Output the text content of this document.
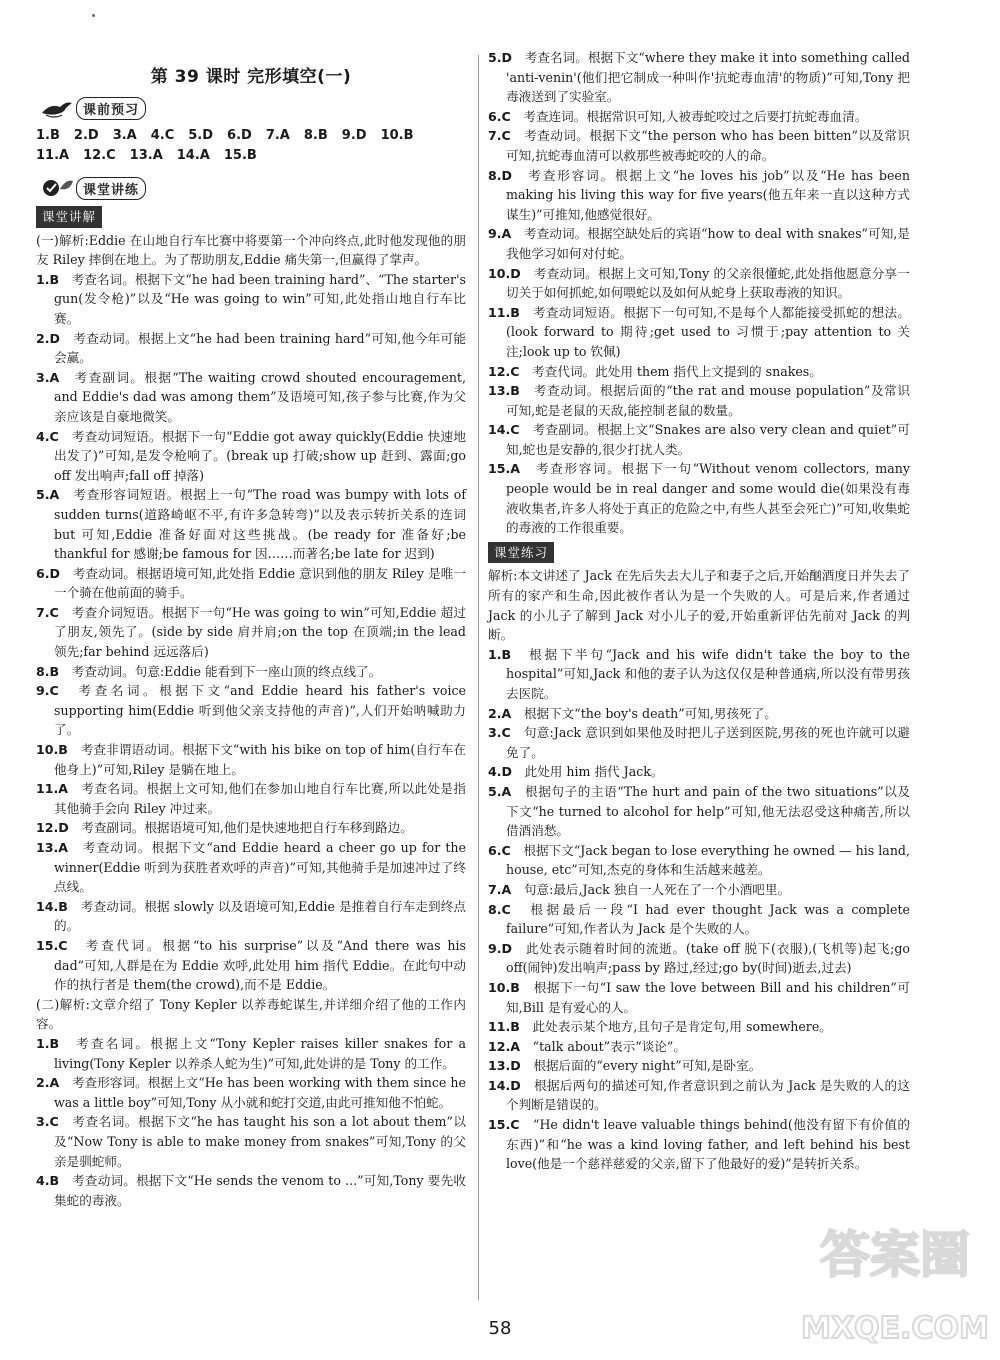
第 39 课时 完形填空(一)
课前预习
1.B 2.D 3.A 4.C 5.D 6.D 7.A 8.B 9.D 10.B
11.A 12.C 13.A 14.A 15.B
课堂讲练
课堂讲解

(一)解析:Eddie 在山地自行车比赛中将要第一个冲向终点,此时他发现他的朋友 Riley 摔倒在地上。为了帮助朋友,Eddie 痛失第一,但赢得了掌声。

1.B　考查名词。根据下文“he had been training hard”、“The starter's gun(发令枪)”以及“He was going to win”可知,此处指山地自行车比赛。

2.D　考查动词。根据上文“he had been training hard”可知,他今年可能会赢。

3.A　考查副词。根据“The waiting crowd shouted encouragement, and Eddie's dad was among them”及语境可知,孩子参与比赛,作为父亲应该是自豪地微笑。

4.C　考查动词短语。根据下一句“Eddie got away quickly(Eddie 快速地出发了)”可知,是发令枪响了。(break up 打破;show up 赶到、露面;go off 发出响声;fall off 掉落)

5.A　考查形容词短语。根据上一句“The road was bumpy with lots of sudden turns(道路崎岖不平,有许多急转弯)”以及表示转折关系的连词 but 可知,Eddie 准备好面对这些挑战。(be ready for 准备好;be thankful for 感谢;be famous for 因……而著名;be late for 迟到)

6.D　考查动词。根据语境可知,此处指 Eddie 意识到他的朋友 Riley 是唯一一个骑在他前面的骑手。

7.C　考查介词短语。根据下一句“He was going to win”可知,Eddie 超过了朋友,领先了。(side by side 肩并肩;on the top 在顶端;in the lead 领先;far behind 远远落后)

8.B　考查动词。句意:Eddie 能看到下一座山顶的终点线了。

9.C　考查名词。根据下文“and Eddie heard his father's voice supporting him(Eddie 听到他父亲支持他的声音)”,人们开始呐喊助力了。

10.B　考查非谓语动词。根据下文“with his bike on top of him(自行车在他身上)”可知,Riley 是躺在地上。

11.A　考查名词。根据上文可知,他们在参加山地自行车比赛,所以此处是指其他骑手会向 Riley 冲过来。

12.D　考查副词。根据语境可知,他们是快速地把自行车移到路边。

13.A　考查动词。根据下文“and Eddie heard a cheer go up for the winner(Eddie 听到为获胜者欢呼的声音)”可知,其他骑手是加速冲过了终点线。

14.B　考查动词。根据 slowly 以及语境可知,Eddie 是推着自行车走到终点的。

15.C　考查代词。根据“to his surprise”以及“And there was his dad”可知,人群是在为 Eddie 欢呼,此处用 him 指代 Eddie。在此句中动作的执行者是 them(the crowd),而不是 Eddie。

(二)解析:文章介绍了 Tony Kepler 以养毒蛇谋生,并详细介绍了他的工作内容。

1.B　考查名词。根据上文“Tony Kepler raises killer snakes for a living(Tony Kepler 以养杀人蛇为生)”可知,此处讲的是 Tony 的工作。

2.A　考查形容词。根据上文“He has been working with them since he was a little boy”可知,Tony 从小就和蛇打交道,由此可推知他不怕蛇。

3.C　考查名词。根据下文“he has taught his son a lot about them”以及“Now Tony is able to make money from snakes”可知,Tony 的父亲是驯蛇师。

4.B　考查动词。根据下文“He sends the venom to ...”可知,Tony 要先收集蛇的毒液。

5.D　考查名词。根据下文“where they make it into something called 'anti-venin'(他们把它制成一种叫作'抗蛇毒血清'的物质)”可知,Tony 把毒液送到了实验室。

6.C　考查连词。根据常识可知,人被毒蛇咬过之后要打抗蛇毒血清。

7.C　考查动词。根据下文“the person who has been bitten”以及常识可知,抗蛇毒血清可以救那些被毒蛇咬的人的命。

8.D　考查形容词。根据上文“he loves his job”以及“He has been making his living this way for five years(他五年来一直以这种方式谋生)”可推知,他感觉很好。

9.A　考查动词。根据空缺处后的宾语“how to deal with snakes”可知,是我他学习如何对付蛇。

10.D　考查动词。根据上文可知,Tony 的父亲很懂蛇,此处指他愿意分享一切关于如何抓蛇,如何喂蛇以及如何从蛇身上获取毒液的知识。

11.B　考查动词短语。根据下一句可知,不是每个人都能接受抓蛇的想法。(look forward to 期待;get used to 习惯于;pay attention to 关注;look up to 钦佩)

12.C　考查代词。此处用 them 指代上文提到的 snakes。

13.B　考查动词。根据后面的“the rat and mouse population”及常识可知,蛇是老鼠的天敌,能控制老鼠的数量。

14.C　考查副词。根据上文“Snakes are also very clean and quiet”可知,蛇也是安静的,很少打扰人类。

15.A　考查形容词。根据下一句“Without venom collectors, many people would be in real danger and some would die(如果没有毒液收集者,许多人将处于真正的危险之中,有些人甚至会死亡)”可知,收集蛇的毒液的工作很重要。

课堂练习

解析:本文讲述了 Jack 在先后失去大儿子和妻子之后,开始酗酒度日并失去了所有的家产和生命,因此被作者认为是一个失败的人。可是后来,作者通过 Jack 的小儿子了解到 Jack 对小儿子的爱,开始重新评估先前对 Jack 的判断。

1.B　根据下半句“Jack and his wife didn't take the boy to the hospital”可知,Jack 和他的妻子认为这仅仅是种普通病,所以没有带男孩去医院。

2.A　根据下文“the boy's death”可知,男孩死了。

3.C　句意:Jack 意识到如果他及时把儿子送到医院,男孩的死也许就可以避免了。

4.D　此处用 him 指代 Jack。

5.A　根据句子的主语“The hurt and pain of the two situations”以及下文“he turned to alcohol for help”可知,他无法忍受这种痛苦,所以借酒消愁。

6.C　根据下文“Jack began to lose everything he owned — his land, house, etc”可知,杰克的身体和生活越来越差。

7.A　句意:最后,Jack 独自一人死在了一个小酒吧里。

8.C　根据最后一段“I had ever thought Jack was a complete failure”可知,作者认为 Jack 是个失败的人。

9.D　此处表示随着时间的流逝。(take off 脱下(衣服),(飞机等)起飞;go off(闹钟)发出响声;pass by 路过,经过;go by(时间)逝去,过去)

10.B　根据下一句“I saw the love between Bill and his children”可知,Bill 是有爱心的人。

11.B　此处表示某个地方,且句子是肯定句,用 somewhere。

12.A　“talk about”表示“谈论”。

13.D　根据后面的“every night”可知,是卧室。

14.D　根据后两句的描述可知,作者意识到之前认为 Jack 是失败的人的这个判断是错误的。

15.C　“He didn't leave valuable things behind(他没有留下有价值的东西)”和“he was a kind loving father, and left behind his best love(他是一个慈祥慈爱的父亲,留下了他最好的爱)”是转折关系。

58
答案圈
MXQE.COM
